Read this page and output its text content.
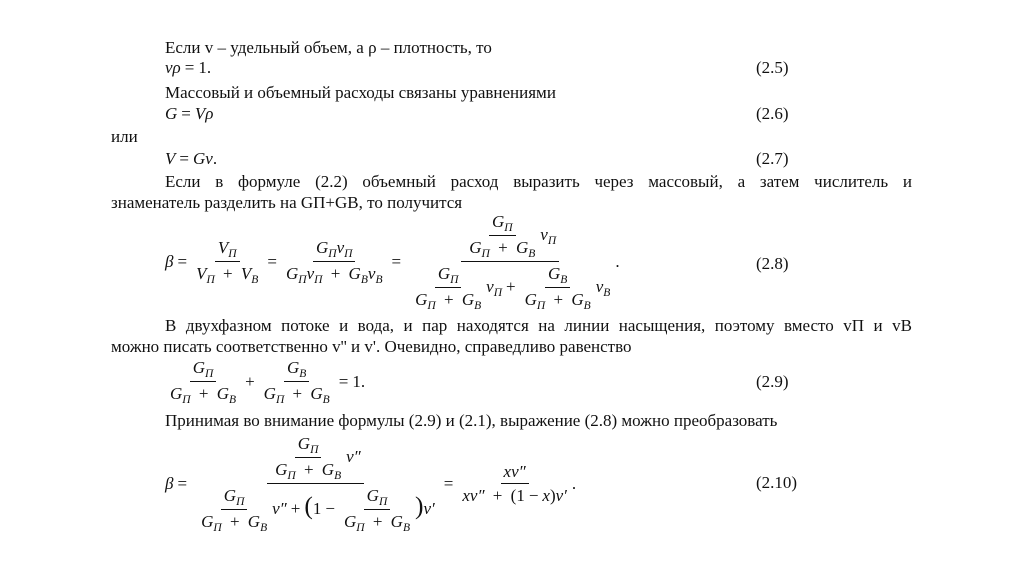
Если v – удельный объем, а ρ – плотность, то
vρ = 1.	(2.5)
Массовый и объемный расходы связаны уравнениями
G = Vρ	(2.6)
или
V = Gv .	(2.7)
Если в формуле (2.2) объемный расход выразить через массовый, а затем числитель и
знаменатель разделить на GП+GВ, то получится
$\beta = \frac{V_П}{V_П + V_В} = \frac{G_Пv_П}{G_Пv_П + G_Вv_В} = \frac{\frac{G_П}{G_П + G_В} v_П}{\frac{G_П}{G_П + G_В} v_П + \frac{G_В}{G_П + G_В} v_В}$ .	(2.8)
В двухфазном потоке и вода, и пар находятся на линии насыщения, поэтому вместо vП и vВ
можно писать соответственно v'' и v'. Очевидно, справедливо равенство
$\frac{G_П}{G_П + G_В} + \frac{G_В}{G_П + G_В} = 1$.	(2.9)
Принимая во внимание формулы (2.9) и (2.1), выражение (2.8) можно преобразовать
$\beta = \frac{\frac{G_П}{G_П + G_В} v''}{\frac{G_П}{G_П + G_В} v'' + (1 - \frac{G_П}{G_П + G_В} )v'} = \frac{xv''}{xv'' + (1 - x)v'}$ .	(2.10)
